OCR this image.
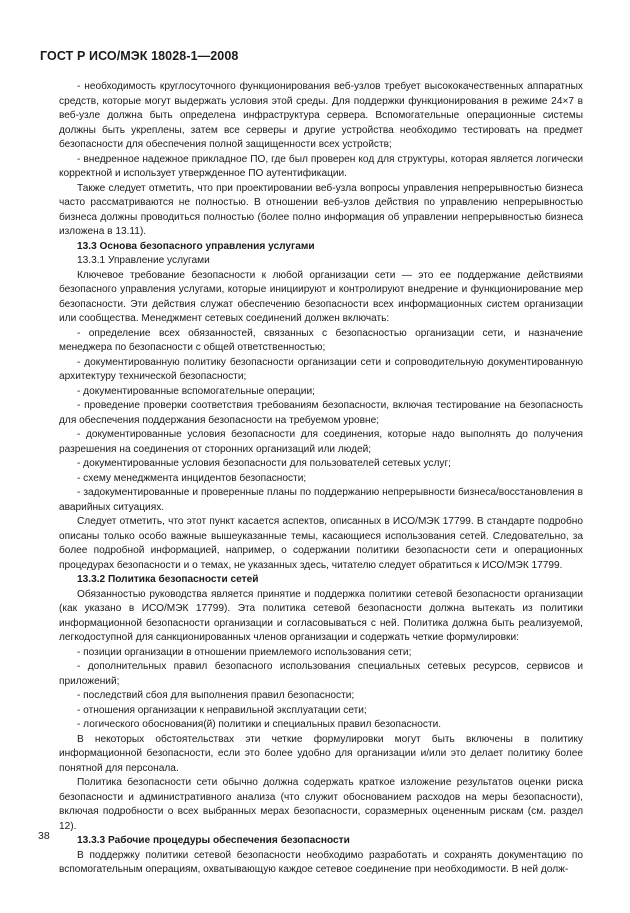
ГОСТ Р ИСО/МЭК 18028-1—2008

- необходимость круглосуточного функционирования веб-узлов требует высококачественных аппаратных средств, которые могут выдержать условия этой среды. Для поддержки функционирования в режиме 24×7 в веб-узле должна быть определена инфраструктура сервера. Вспомогательные операционные системы должны быть укреплены, затем все серверы и другие устройства необходимо тестировать на предмет безопасности для обеспечения полной защищенности всех устройств;

- внедренное надежное прикладное ПО, где был проверен код для структуры, которая является логически корректной и использует утвержденное ПО аутентификации.

Также следует отметить, что при проектировании веб-узла вопросы управления непрерывностью бизнеса часто рассматриваются не полностью. В отношении веб-узлов действия по управлению непрерывностью бизнеса должны проводиться полностью (более полно информация об управлении непрерывностью бизнеса изложена в 13.11).

13.3 Основа безопасного управления услугами

13.3.1 Управление услугами

Ключевое требование безопасности к любой организации сети — это ее поддержание действиями безопасного управления услугами, которые инициируют и контролируют внедрение и функционирование мер безопасности. Эти действия служат обеспечению безопасности всех информационных систем организации или сообщества. Менеджмент сетевых соединений должен включать:

- определение всех обязанностей, связанных с безопасностью организации сети, и назначение менеджера по безопасности с общей ответственностью;

- документированную политику безопасности организации сети и сопроводительную документированную архитектуру технической безопасности;

- документированные вспомогательные операции;

- проведение проверки соответствия требованиям безопасности, включая тестирование на безопасность для обеспечения поддержания безопасности на требуемом уровне;

- документированные условия безопасности для соединения, которые надо выполнять до получения разрешения на соединения от сторонних организаций или людей;

- документированные условия безопасности для пользователей сетевых услуг;

- схему менеджмента инцидентов безопасности;

- задокументированные и проверенные планы по поддержанию непрерывности бизнеса/восстановления в аварийных ситуациях.

Следует отметить, что этот пункт касается аспектов, описанных в ИСО/МЭК 17799. В стандарте подробно описаны только особо важные вышеуказанные темы, касающиеся использования сетей. Следовательно, за более подробной информацией, например, о содержании политики безопасности сети и операционных процедурах безопасности и о темах, не указанных здесь, читателю следует обратиться к ИСО/МЭК 17799.

13.3.2 Политика безопасности сетей

Обязанностью руководства является принятие и поддержка политики сетевой безопасности организации (как указано в ИСО/МЭК 17799). Эта политика сетевой безопасности должна вытекать из политики информационной безопасности организации и согласовываться с ней. Политика должна быть реализуемой, легкодоступной для санкционированных членов организации и содержать четкие формулировки:

- позиции организации в отношении приемлемого использования сети;

- дополнительных правил безопасного использования специальных сетевых ресурсов, сервисов и приложений;

- последствий сбоя для выполнения правил безопасности;

- отношения организации к неправильной эксплуатации сети;

- логического обоснования(й) политики и специальных правил безопасности.

В некоторых обстоятельствах эти четкие формулировки могут быть включены в политику информационной безопасности, если это более удобно для организации и/или это делает политику более понятной для персонала.

Политика безопасности сети обычно должна содержать краткое изложение результатов оценки риска безопасности и административного анализа (что служит обоснованием расходов на меры безопасности), включая подробности о всех выбранных мерах безопасности, соразмерных оцененным рискам (см. раздел 12).

13.3.3 Рабочие процедуры обеспечения безопасности

В поддержку политики сетевой безопасности необходимо разработать и сохранять документацию по вспомогательным операциям, охватывающую каждое сетевое соединение при необходимости. В ней долж-

38
